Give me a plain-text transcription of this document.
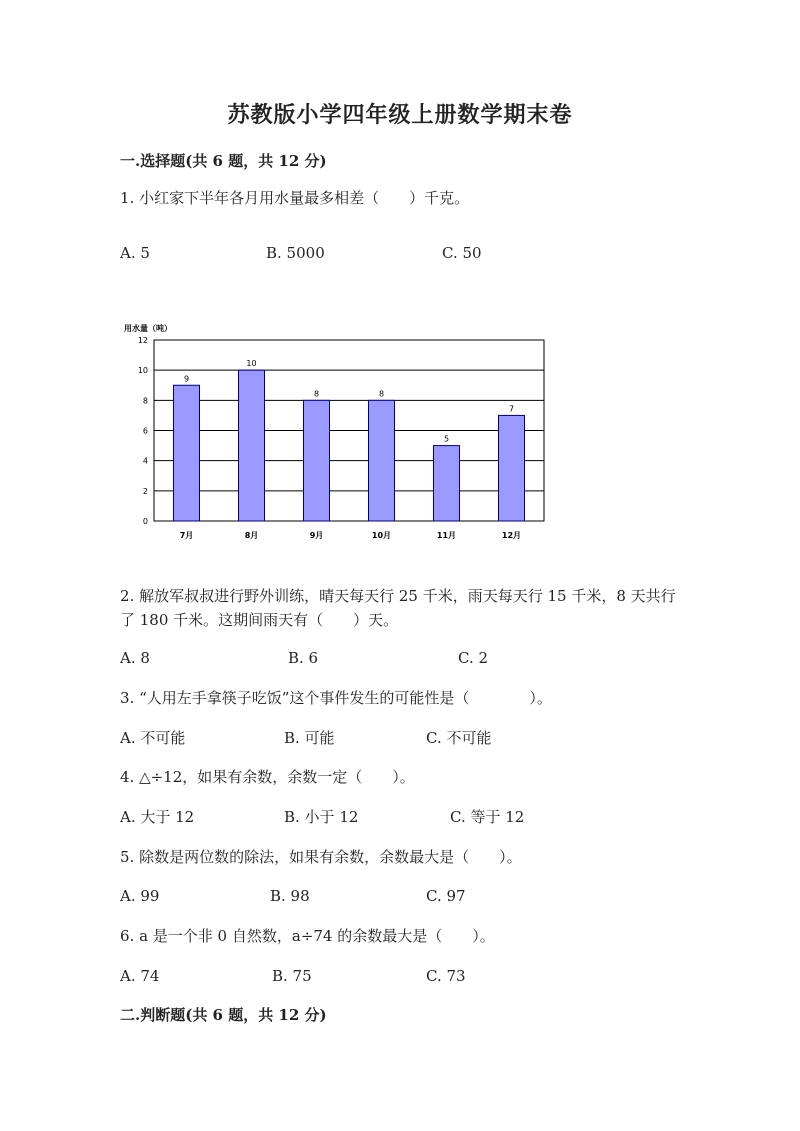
苏教版小学四年级上册数学期末卷
一.选择题(共 6 题，共 12 分)
1. 小红家下半年各月用水量最多相差（　　）千克。
A. 5	B. 5000	C. 50
用水量（吨）
0
2
4
6
8
10
12
9
7月
10
8月
8
9月
8
10月
5
11月
7
12月
2. 解放军叔叔进行野外训练，晴天每天行 25 千米，雨天每天行 15 千米，8 天共行了 180 千米。这期间雨天有（　　）天。
A. 8	B. 6	C. 2
3. “人用左手拿筷子吃饭”这个事件发生的可能性是（　　　　）。
A. 不可能	B. 可能	C. 不可能
4. △÷12，如果有余数，余数一定（　　）。
A. 大于 12	B. 小于 12	C. 等于 12
5. 除数是两位数的除法，如果有余数，余数最大是（　　）。
A. 99	B. 98	C. 97
6. a 是一个非 0 自然数，a÷74 的余数最大是（　　）。
A. 74	B. 75	C. 73
二.判断题(共 6 题，共 12 分)
